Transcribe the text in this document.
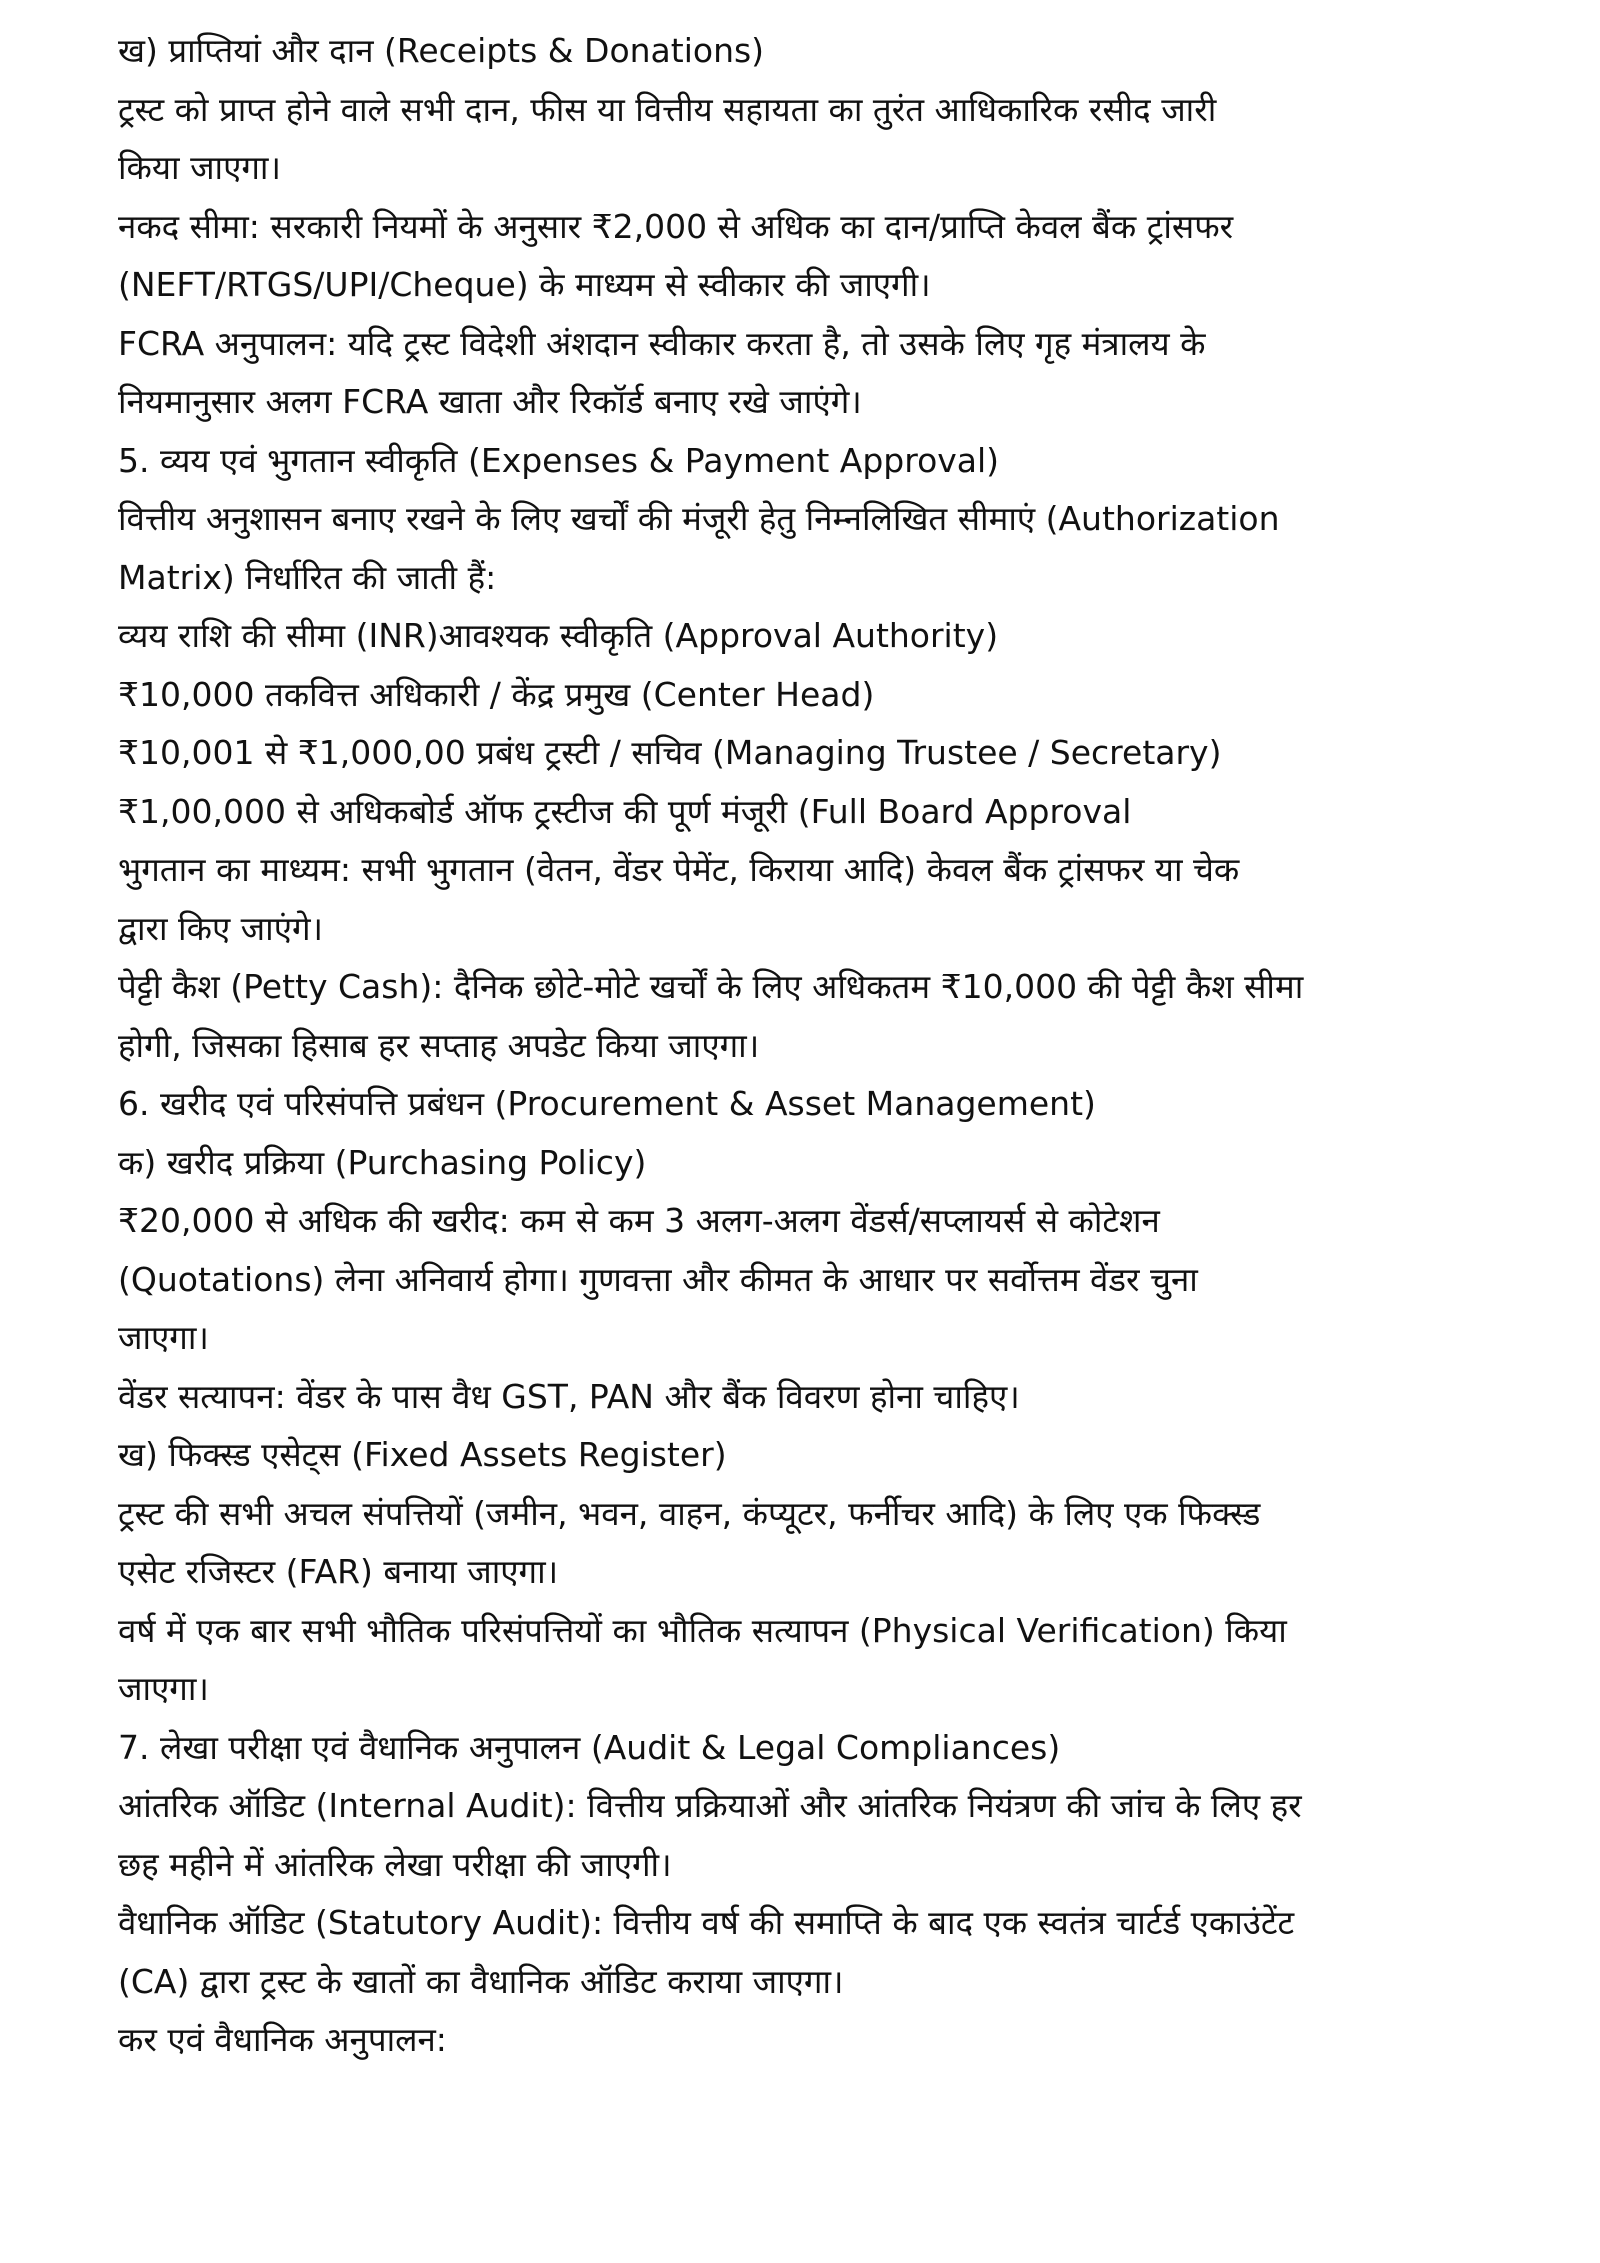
ख) प्राप्तियां और दान (Receipts & Donations)
ट्रस्ट को प्राप्त होने वाले सभी दान, फीस या वित्तीय सहायता का तुरंत आधिकारिक रसीद जारी
किया जाएगा।
नकद सीमा: सरकारी नियमों के अनुसार ₹2,000 से अधिक का दान/प्राप्ति केवल बैंक ट्रांसफर
(NEFT/RTGS/UPI/Cheque) के माध्यम से स्वीकार की जाएगी।
FCRA अनुपालन: यदि ट्रस्ट विदेशी अंशदान स्वीकार करता है, तो उसके लिए गृह मंत्रालय के
नियमानुसार अलग FCRA खाता और रिकॉर्ड बनाए रखे जाएंगे।
5. व्यय एवं भुगतान स्वीकृति (Expenses & Payment Approval)
वित्तीय अनुशासन बनाए रखने के लिए खर्चों की मंजूरी हेतु निम्नलिखित सीमाएं (Authorization
Matrix) निर्धारित की जाती हैं:
व्यय राशि की सीमा (INR)आवश्यक स्वीकृति (Approval Authority)
₹10,000 तकवित्त अधिकारी / केंद्र प्रमुख (Center Head)
₹10,001 से ₹1,000,00 प्रबंध ट्रस्टी / सचिव (Managing Trustee / Secretary)
₹1,00,000 से अधिकबोर्ड ऑफ ट्रस्टीज की पूर्ण मंजूरी (Full Board Approval
भुगतान का माध्यम: सभी भुगतान (वेतन, वेंडर पेमेंट, किराया आदि) केवल बैंक ट्रांसफर या चेक
द्वारा किए जाएंगे।
पेट्टी कैश (Petty Cash): दैनिक छोटे-मोटे खर्चों के लिए अधिकतम ₹10,000 की पेट्टी कैश सीमा
होगी, जिसका हिसाब हर सप्ताह अपडेट किया जाएगा।
6. खरीद एवं परिसंपत्ति प्रबंधन (Procurement & Asset Management)
क) खरीद प्रक्रिया (Purchasing Policy)
₹20,000 से अधिक की खरीद: कम से कम 3 अलग-अलग वेंडर्स/सप्लायर्स से कोटेशन
(Quotations) लेना अनिवार्य होगा। गुणवत्ता और कीमत के आधार पर सर्वोत्तम वेंडर चुना
जाएगा।
वेंडर सत्यापन: वेंडर के पास वैध GST, PAN और बैंक विवरण होना चाहिए।
ख) फिक्स्ड एसेट्स (Fixed Assets Register)
ट्रस्ट की सभी अचल संपत्तियों (जमीन, भवन, वाहन, कंप्यूटर, फर्नीचर आदि) के लिए एक फिक्स्ड
एसेट रजिस्टर (FAR) बनाया जाएगा।
वर्ष में एक बार सभी भौतिक परिसंपत्तियों का भौतिक सत्यापन (Physical Verification) किया
जाएगा।
7. लेखा परीक्षा एवं वैधानिक अनुपालन (Audit & Legal Compliances)
आंतरिक ऑडिट (Internal Audit): वित्तीय प्रक्रियाओं और आंतरिक नियंत्रण की जांच के लिए हर
छह महीने में आंतरिक लेखा परीक्षा की जाएगी।
वैधानिक ऑडिट (Statutory Audit): वित्तीय वर्ष की समाप्ति के बाद एक स्वतंत्र चार्टर्ड एकाउंटेंट
(CA) द्वारा ट्रस्ट के खातों का वैधानिक ऑडिट कराया जाएगा।
कर एवं वैधानिक अनुपालन:
